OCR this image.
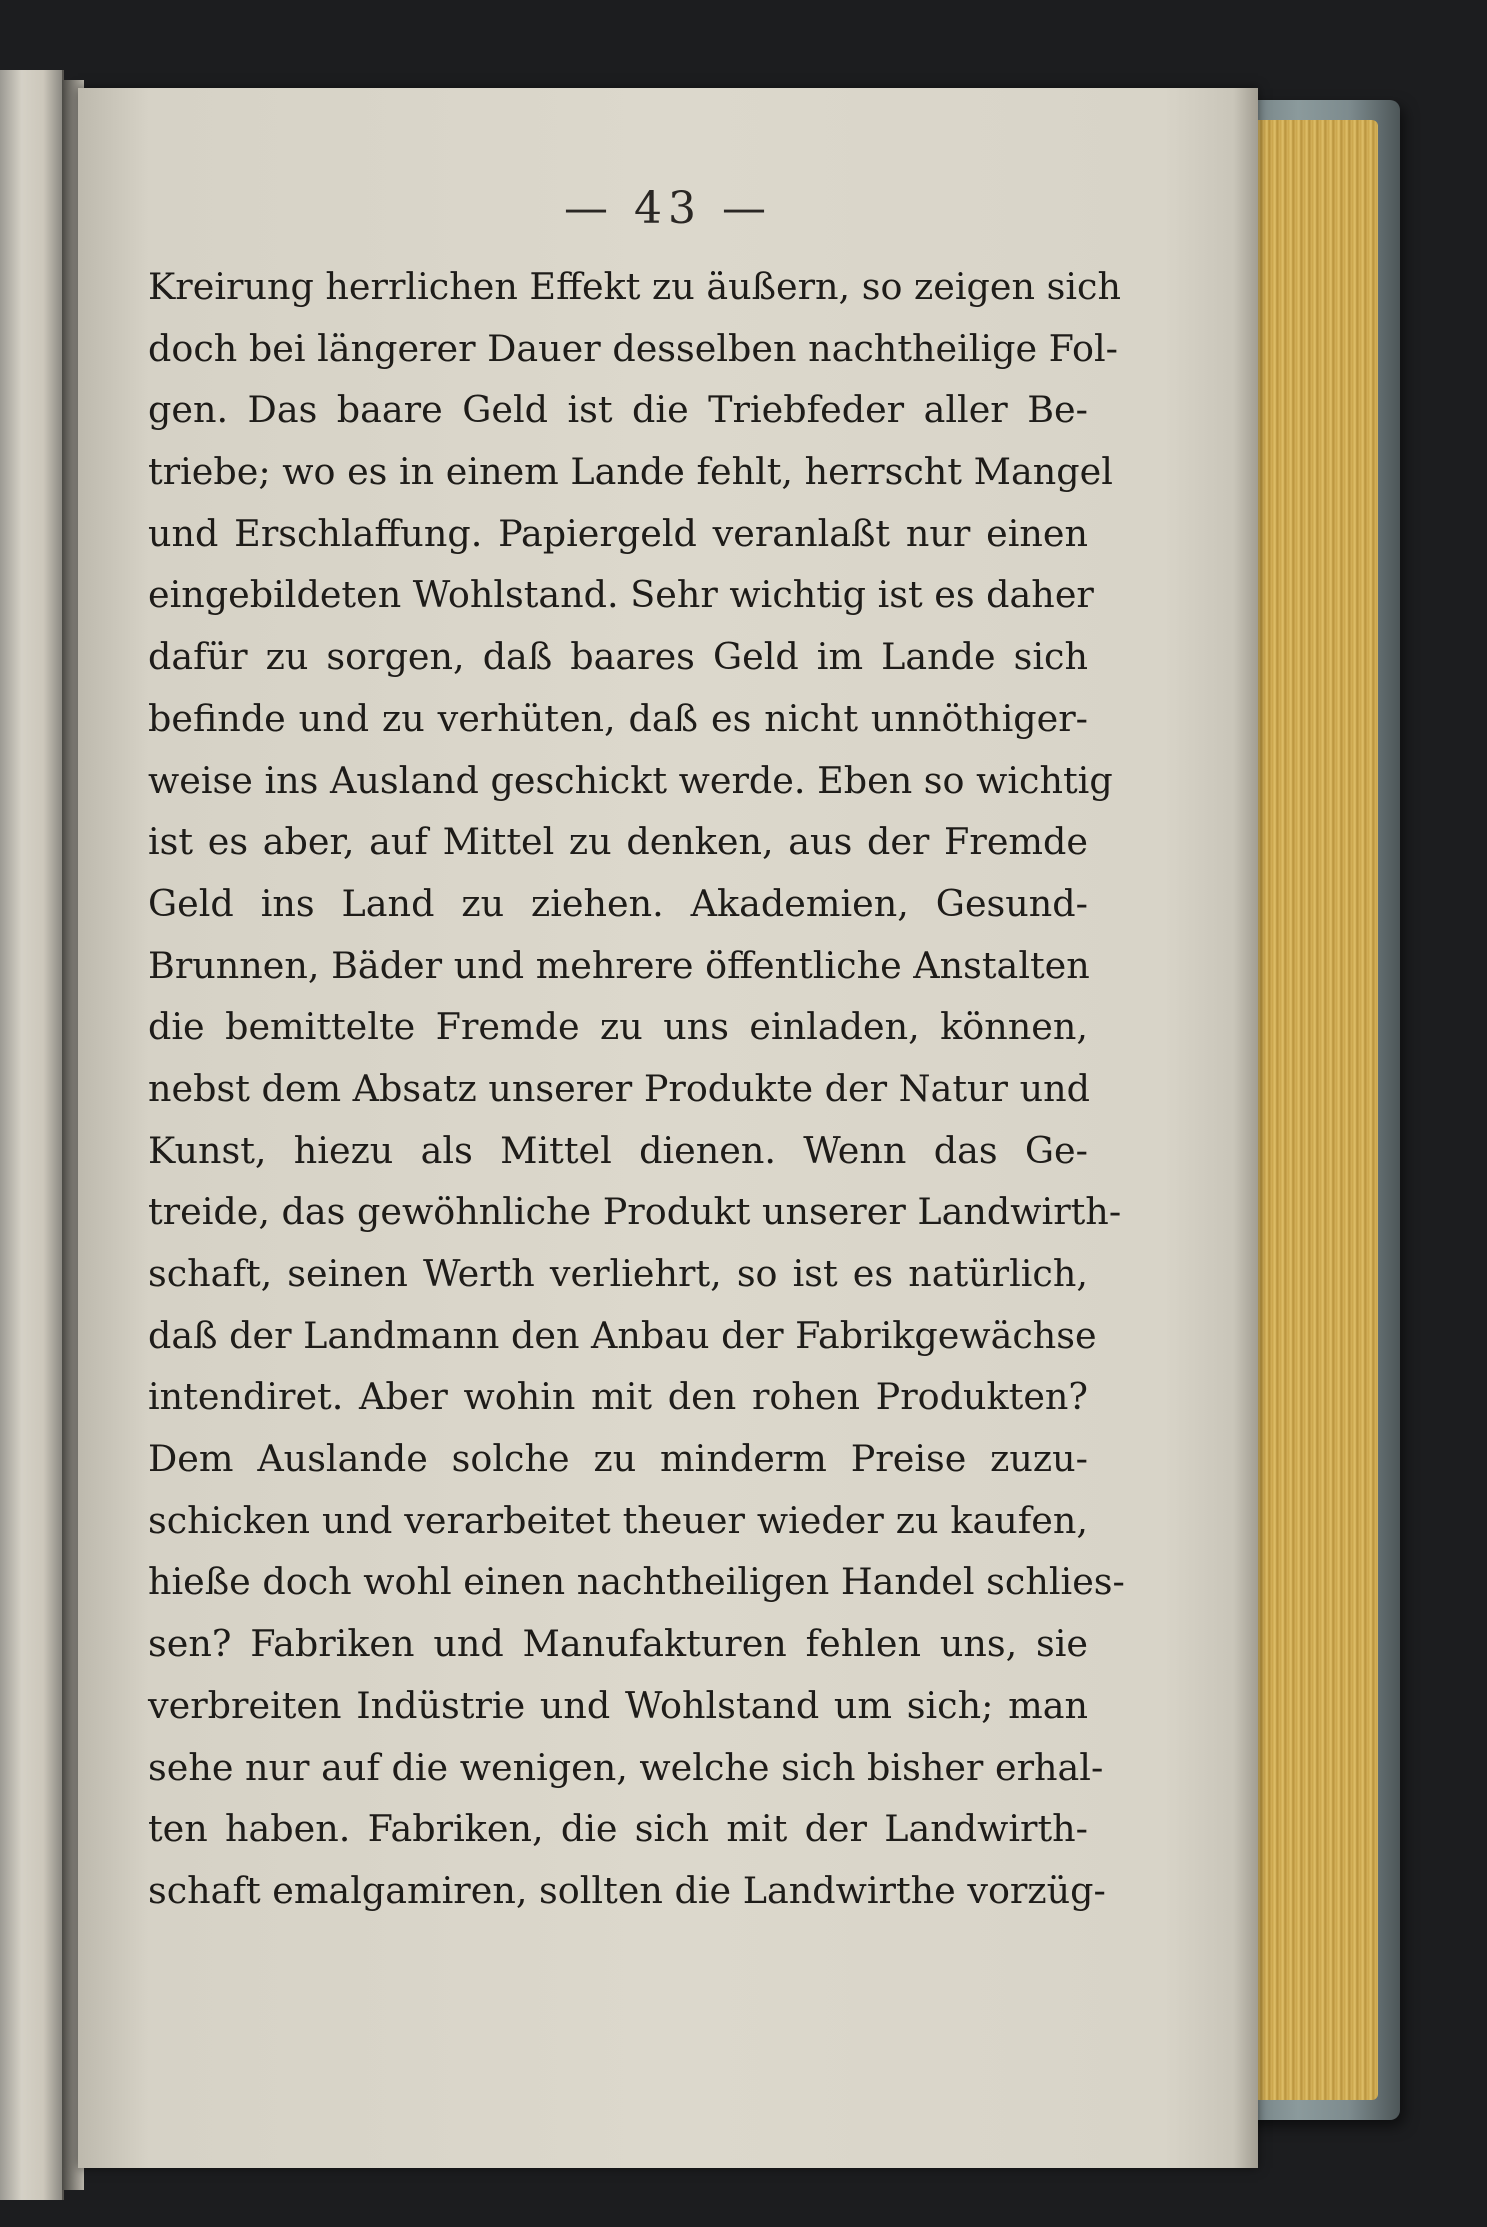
— 43 —
Kreirung herrlichen Effekt zu äußern, so zeigen sich
doch bei längerer Dauer desselben nachtheilige Fol-
gen. Das baare Geld ist die Triebfeder aller Be-
triebe; wo es in einem Lande fehlt, herrscht Mangel
und Erschlaffung. Papiergeld veranlaßt nur einen
eingebildeten Wohlstand. Sehr wichtig ist es daher
dafür zu sorgen, daß baares Geld im Lande sich
befinde und zu verhüten, daß es nicht unnöthiger-
weise ins Ausland geschickt werde. Eben so wichtig
ist es aber, auf Mittel zu denken, aus der Fremde
Geld ins Land zu ziehen. Akademien, Gesund-
Brunnen, Bäder und mehrere öffentliche Anstalten
die bemittelte Fremde zu uns einladen, können,
nebst dem Absatz unserer Produkte der Natur und
Kunst, hiezu als Mittel dienen. Wenn das Ge-
treide, das gewöhnliche Produkt unserer Landwirth-
schaft, seinen Werth verliehrt, so ist es natürlich,
daß der Landmann den Anbau der Fabrikgewächse
intendiret. Aber wohin mit den rohen Produkten?
Dem Auslande solche zu minderm Preise zuzu-
schicken und verarbeitet theuer wieder zu kaufen,
hieße doch wohl einen nachtheiligen Handel schlies-
sen? Fabriken und Manufakturen fehlen uns, sie
verbreiten Indüstrie und Wohlstand um sich; man
sehe nur auf die wenigen, welche sich bisher erhal-
ten haben. Fabriken, die sich mit der Landwirth-
schaft emalgamiren, sollten die Landwirthe vorzüg-
